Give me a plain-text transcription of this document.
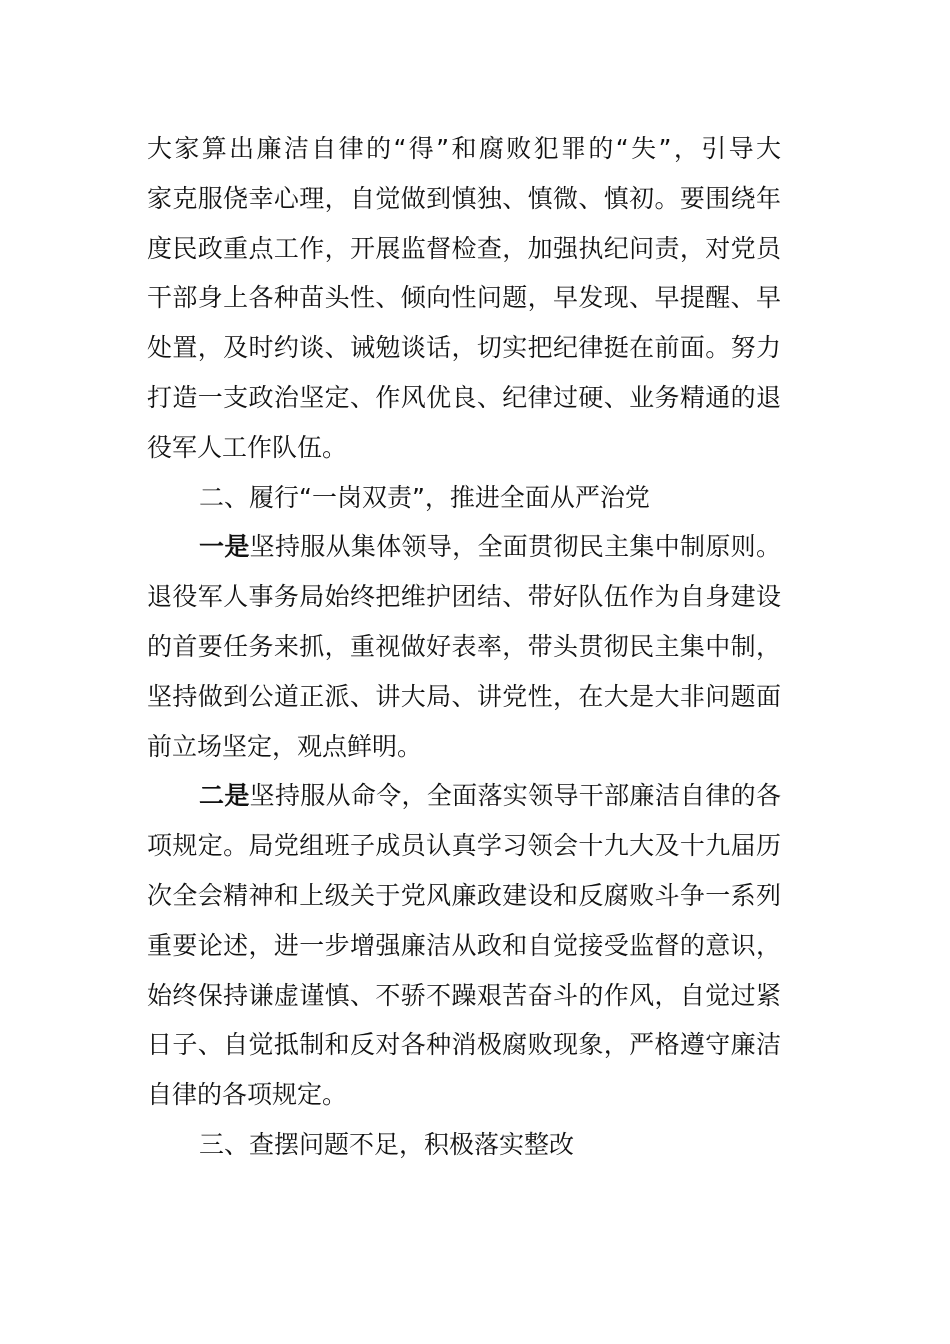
大家算出廉洁自律的“得”和腐败犯罪的“失”，引导大
家克服侥幸心理，自觉做到慎独、慎微、慎初。要围绕年
度民政重点工作，开展监督检查，加强执纪问责，对党员
干部身上各种苗头性、倾向性问题，早发现、早提醒、早
处置，及时约谈、诫勉谈话，切实把纪律挺在前面。努力
打造一支政治坚定、作风优良、纪律过硬、业务精通的退
役军人工作队伍。
二、履行“一岗双责”，推进全面从严治党
一是坚持服从集体领导，全面贯彻民主集中制原则。
退役军人事务局始终把维护团结、带好队伍作为自身建设
的首要任务来抓，重视做好表率，带头贯彻民主集中制，
坚持做到公道正派、讲大局、讲党性，在大是大非问题面
前立场坚定，观点鲜明。
二是坚持服从命令，全面落实领导干部廉洁自律的各
项规定。局党组班子成员认真学习领会十九大及十九届历
次全会精神和上级关于党风廉政建设和反腐败斗争一系列
重要论述，进一步增强廉洁从政和自觉接受监督的意识，
始终保持谦虚谨慎、不骄不躁艰苦奋斗的作风，自觉过紧
日子、自觉抵制和反对各种消极腐败现象，严格遵守廉洁
自律的各项规定。
三、查摆问题不足，积极落实整改
